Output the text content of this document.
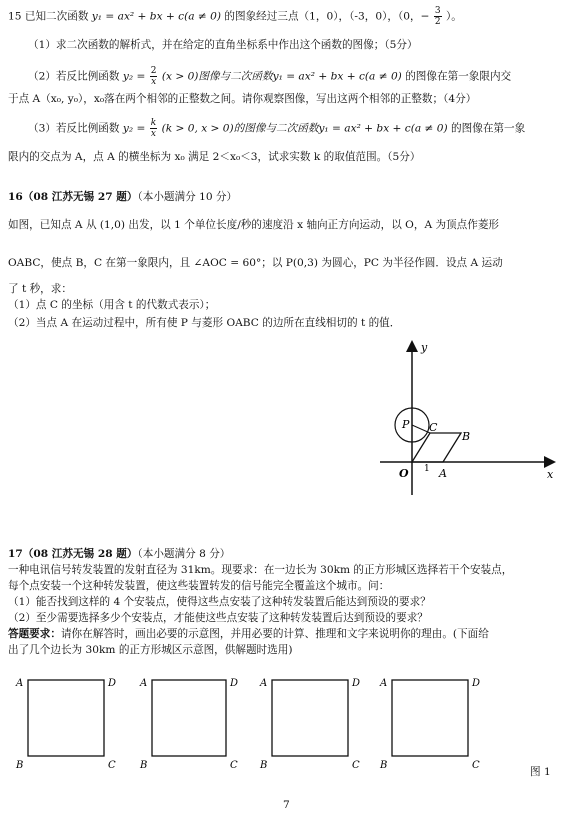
15 已知二次函数 y₁ = ax² + bx + c(a ≠ 0) 的图象经过三点（1，0），（-3，0），（0，− $\frac{3}{2}$ ）。
（1）求二次函数的解析式，并在给定的直角坐标系中作出这个函数的图像；（5分）
（2）若反比例函数 $y_2 = \frac{2}{x} (x > 0)$图像与二次函数y₁ = ax² + bx + c(a ≠ 0) 的图像在第一象限内交
于点 A（x₀, y₀），x₀落在两个相邻的正整数之间。请你观察图像，写出这两个相邻的正整数；（4分）
（3）若反比例函数 $y_2 = \frac{k}{x} (k > 0$, x > 0)的图像与二次函数y₁ = ax² + bx + c(a ≠ 0) 的图像在第一象
限内的交点为 A，点 A 的横坐标为 x₀ 满足 2＜x₀＜3，试求实数 k 的取值范围。（5分）
16（08 江苏无锡 27 题）（本小题满分 10 分）
如图，已知点 A 从 (1,0) 出发，以 1 个单位长度/秒的速度沿 x 轴向正方向运动，以 O，A 为顶点作菱形
OABC，使点 B，C 在第一象限内，且 ∠AOC = 60°；以 P(0,3) 为圆心，PC 为半径作圆．设点 A 运动
了 t 秒，求：
（1）点 C 的坐标（用含 t 的代数式表示）；
（2）当点 A 在运动过程中，所有使 P 与菱形 OABC 的边所在直线相切的 t 的值．
y
x
O 1 A
B
C
P
17（08 江苏无锡 28 题）（本小题满分 8 分）
一种电讯信号转发装置的发射直径为 31km。现要求：在一边长为 30km 的正方形城区选择若干个安装点，
每个点安装一个这种转发装置，使这些装置转发的信号能完全覆盖这个城市。问：
（1）能否找到这样的 4 个安装点，使得这些点安装了这种转发装置后能达到预设的要求？
（2）至少需要选择多少个安装点，才能使这些点安装了这种转发装置后达到预设的要求？
答题要求：请你在解答时，画出必要的示意图，并用必要的计算、推理和文字来说明你的理由。(下面给
出了几个边长为 30km 的正方形城区示意图，供解题时选用)
A	D
B	C
A	D
B	C
A	D
B	C
A	D
B	C
图 1
7
